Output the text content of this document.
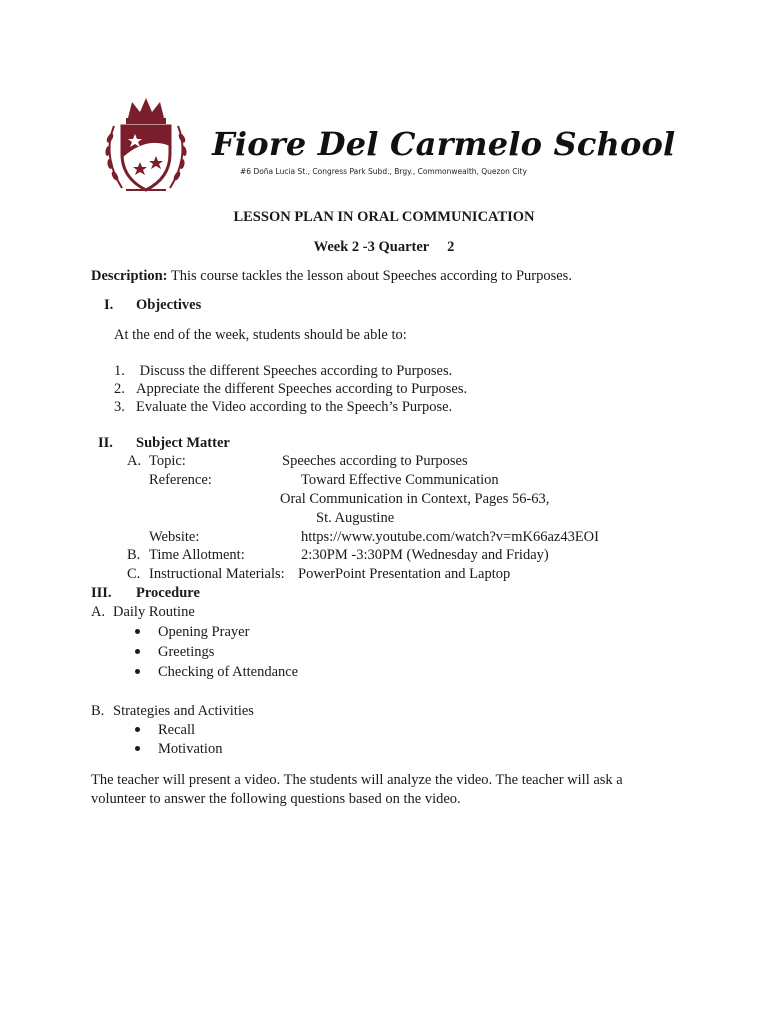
Fiore Del Carmelo School
#6 Doña Lucia St., Congress Park Subd., Brgy., Commonwealth, Quezon City
LESSON PLAN IN ORAL COMMUNICATION
Week 2 -3 Quarter     2
Description: This course tackles the lesson about Speeches according to Purposes.
I. Objectives
At the end of the week, students should be able to:
1. Discuss the different Speeches according to Purposes.
2. Appreciate the different Speeches according to Purposes.
3. Evaluate the Video according to the Speech’s Purpose.
II. Subject Matter
A. Topic:	Speeches according to Purposes
Reference:	Toward Effective Communication
Oral Communication in Context, Pages 56-63,
St. Augustine
Website:	https://www.youtube.com/watch?v=mK66az43EOI
B. Time Allotment:	2:30PM -3:30PM (Wednesday and Friday)
C. Instructional Materials: PowerPoint Presentation and Laptop
III. Procedure
A. Daily Routine
Opening Prayer
Greetings
Checking of Attendance
B. Strategies and Activities
Recall
Motivation
The teacher will present a video. The students will analyze the video. The teacher will ask a
volunteer to answer the following questions based on the video.
